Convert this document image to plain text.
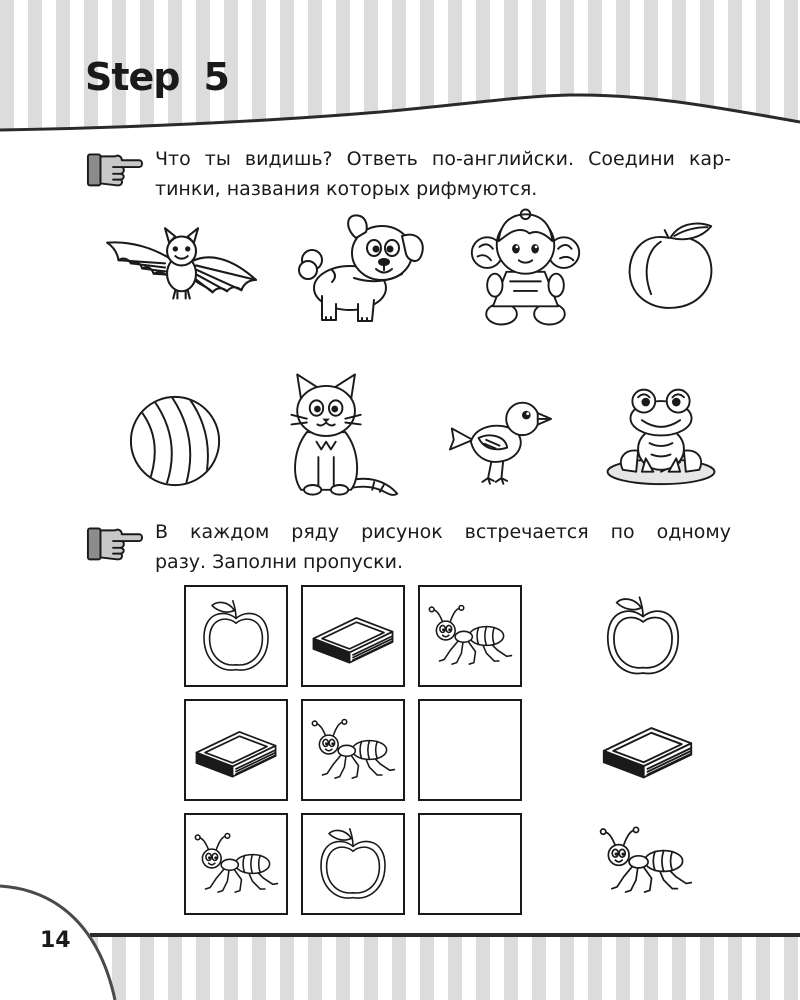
Step 5
Что ты видишь? Ответь по-английски. Соедини кар-
тинки, названия которых рифмуются.
В каждом ряду рисунок встречается по одному
разу. Заполни пропуски.
14
